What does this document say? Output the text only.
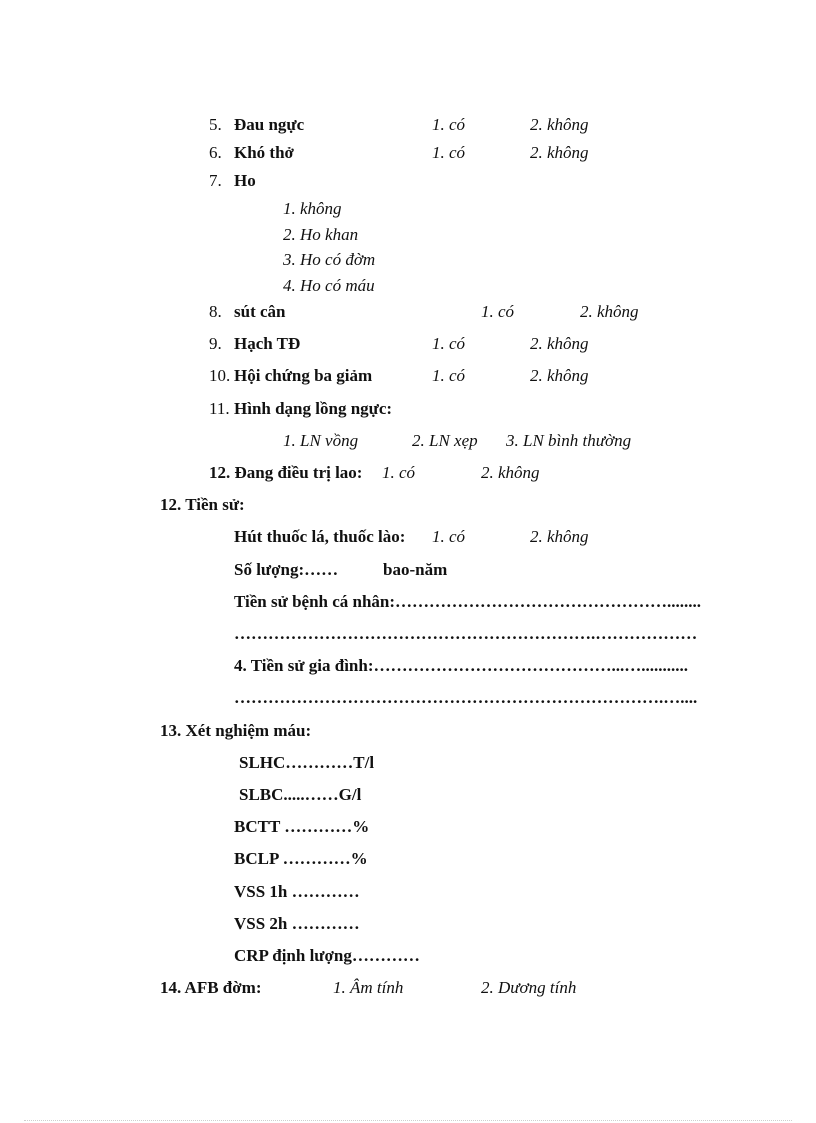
5. Đau ngực	1. có	2. không
6. Khó thở	1. có	2. không
7. Ho
1. không
2. Ho khan
3. Ho có đờm
4. Ho có máu
8. sút cân	1. có	2. không
9. Hạch TĐ	1. có	2. không
10. Hội chứng ba giảm	1. có	2. không
11. Hình dạng lồng ngực:
1. LN vồng	2. LN xẹp 3. LN bình thường
12. Đang điều trị lao: 1. có	2. không
12. Tiền sử:
Hút thuốc lá, thuốc lào: 1. có	2. không
Số lượng:……	bao-năm
Tiền sử bệnh cá nhân:…………………………………………........
……………………………………………………….………………
4. Tiền sử gia đình:……………………………………...…...........
………………………………………………………………….…....
13. Xét nghiệm máu:
SLHC…………T/l
SLBC.....……G/l
BCTT …………%
BCLP …………%
VSS 1h …………
VSS 2h …………
CRP định lượng…………
14. AFB đờm:	1. Âm tính	2. Dương tính
